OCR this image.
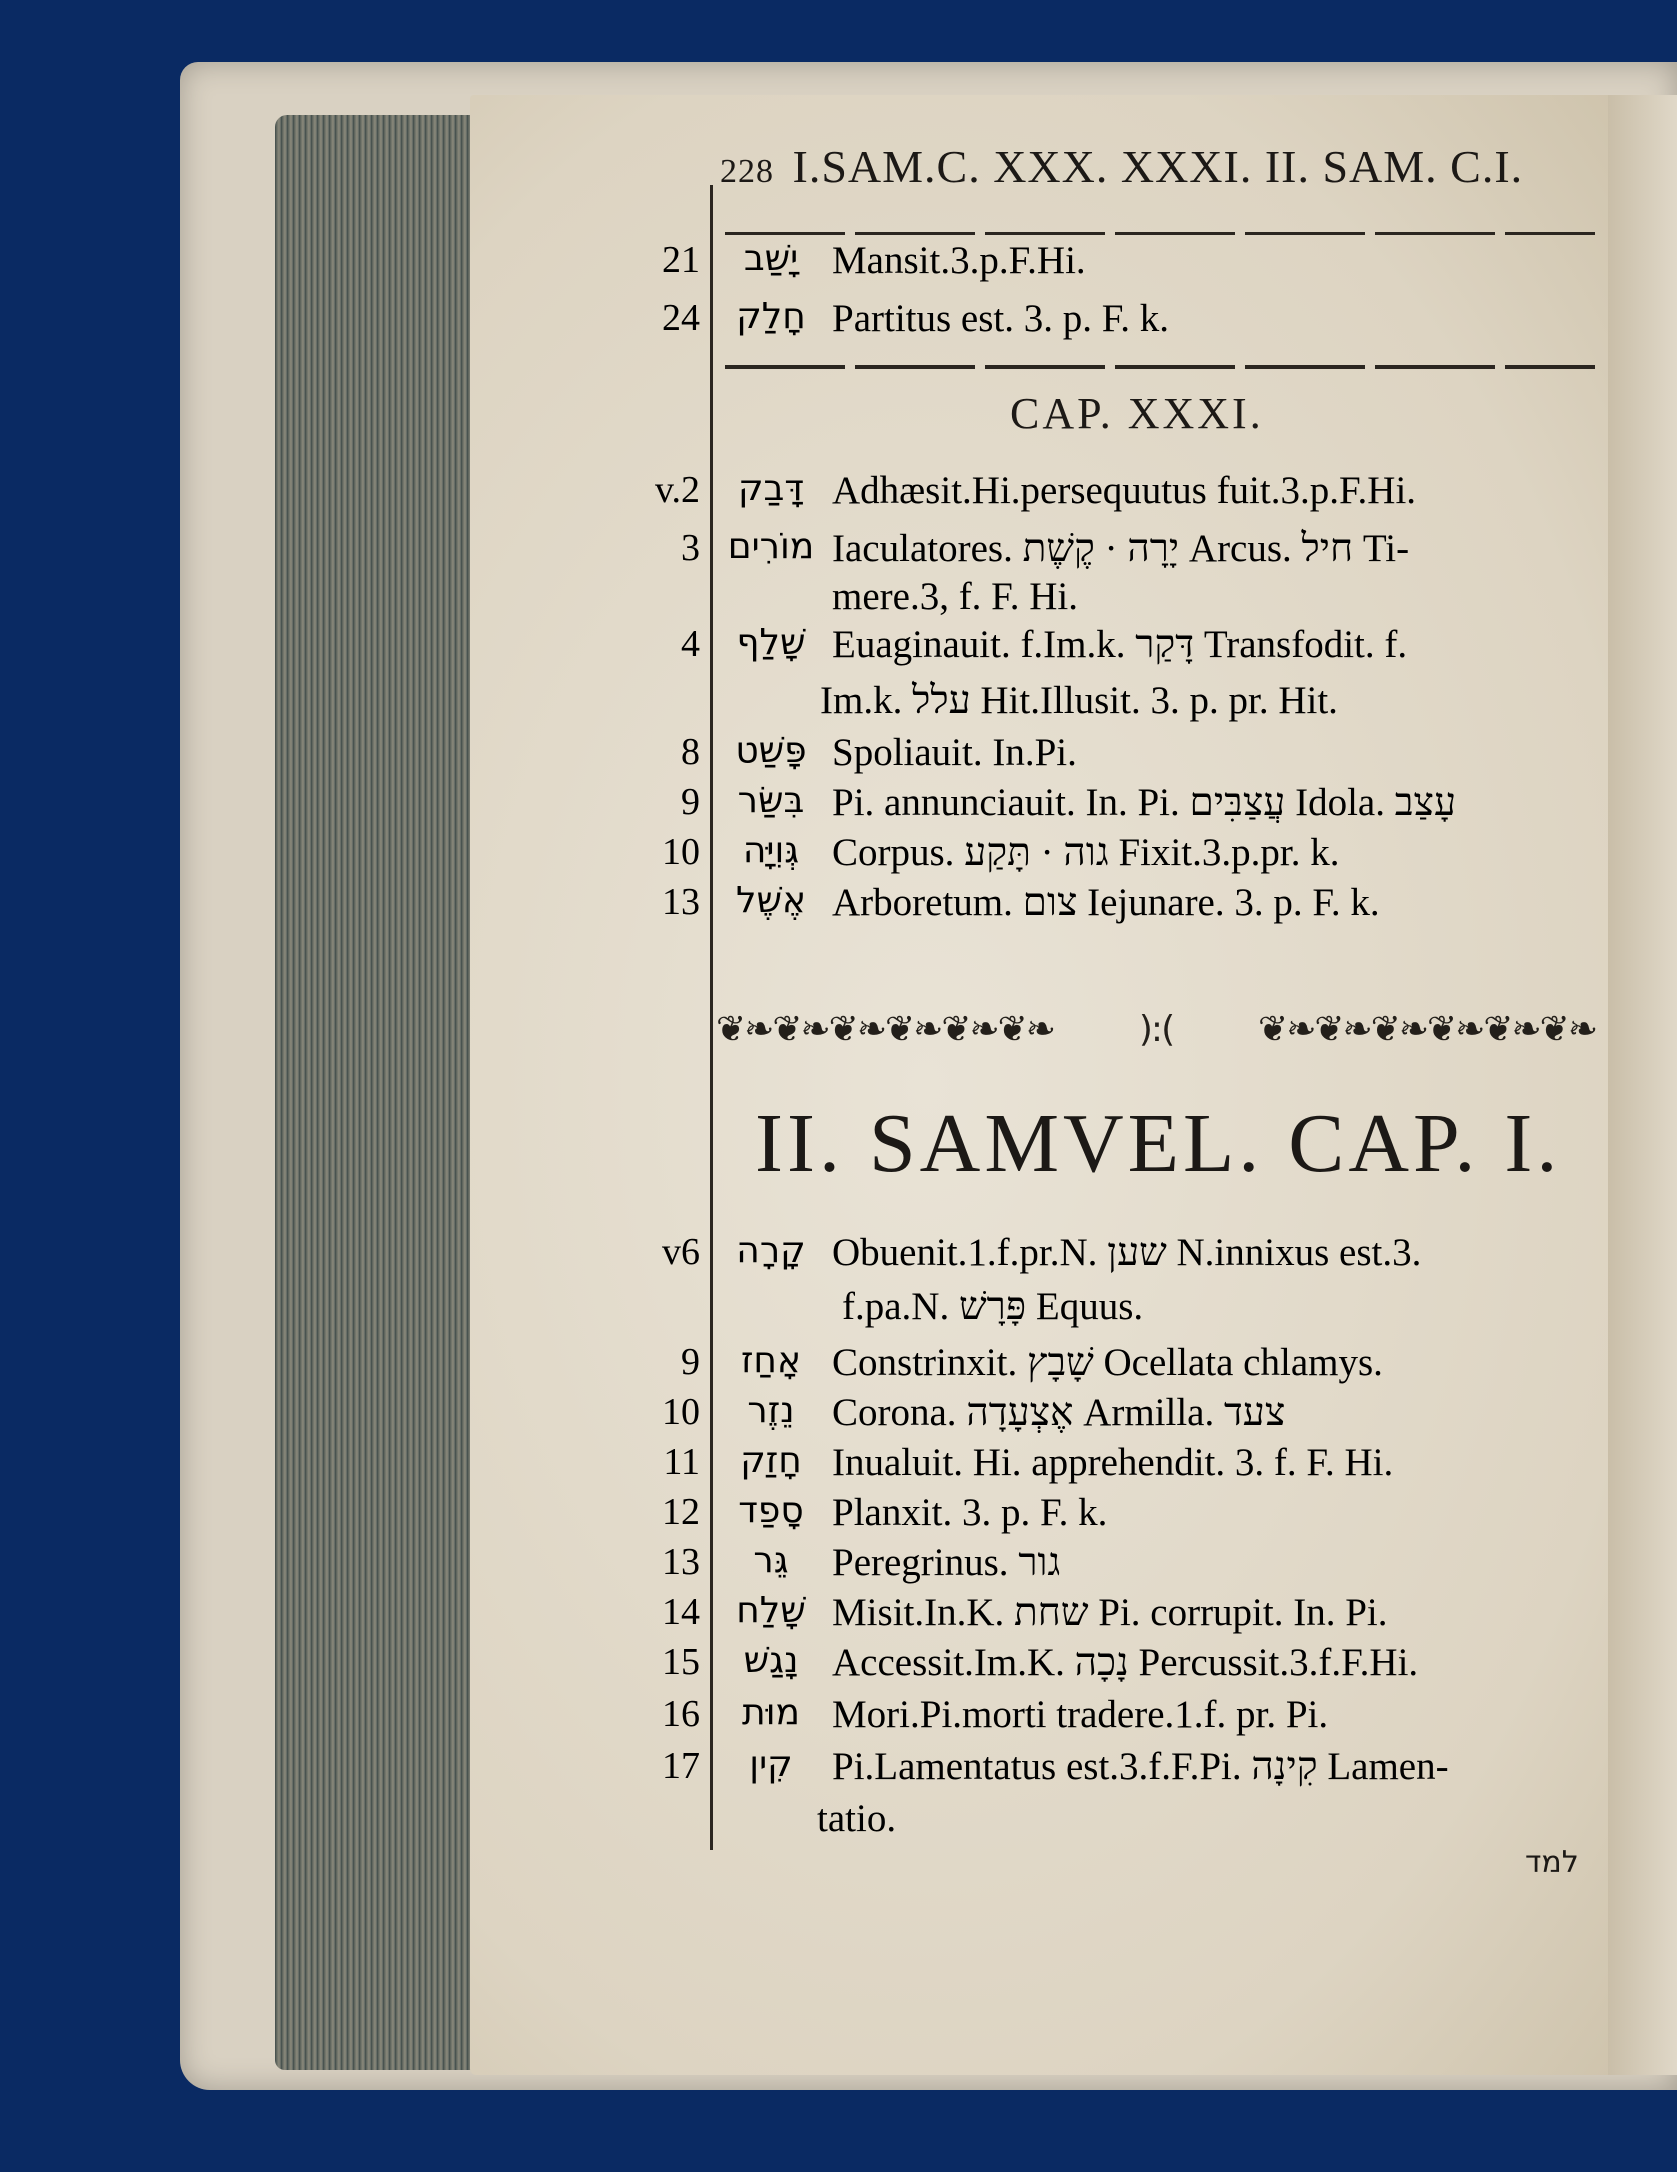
228 I.SAM.C. XXX. XXXI. II. SAM. C.I.
21	יָשַׁב Mansit.3.p.F.Hi.
24	חָלַק Partitus est. 3. p. F. k.
CAP. XXXI.
v.2	דָּבַק Adhæsit.Hi.persequutus fuit.3.p.F.Hi.
3 מוֹרִים Iaculatores. יָרָה · קֶשֶׁת Arcus. חיל Ti-
mere.3, f. F. Hi.
4	שָׁלַף Euaginauit. f.Im.k. דָּקַר Transfodit. f.
Im.k. עלל Hit.Illusit. 3. p. pr. Hit.
8 פָּשַׁט Spoliauit. In.Pi.
9	בִּשַּׂר Pi. annunciauit. In. Pi. עֲצַבִּים Idola. עָצַב
10	גְּוִיָּה Corpus. גוה · תָּקַע Fixit.3.p.pr. k.
13 אֶשֶׁל Arboretum. צום Iejunare. 3. p. F. k.
❦❧❦❧❦❧❦❧❦❧❦❧ ):( ❦❧❦❧❦❧❦❧❦❧❦❧
II. SAMVEL. CAP. I.
v6	קָרָה Obuenit.1.f.pr.N. שען N.innixus est.3.
f.pa.N. פָּרָשׁ Equus.
9	אָחַז Constrinxit. שָׁבָץ Ocellata chlamys.
10	נֵזֶר Corona. אֶצְעָדָה Armilla. צעד
11	חָזַק Inualuit. Hi. apprehendit. 3. f. F. Hi.
12	סָפַד Planxit. 3. p. F. k.
13	גֵּר	Peregrinus. גור
14	שָׁלַח Misit.In.K. שחת Pi. corrupit. In. Pi.
15	נָגַשׁ Accessit.Im.K. נָכָה Percussit.3.f.F.Hi.
16	מוּת Mori.Pi.morti tradere.1.f. pr. Pi.
17	קִין	Pi.Lamentatus est.3.f.F.Pi. קִינָה Lamen-
tatio.
למד
